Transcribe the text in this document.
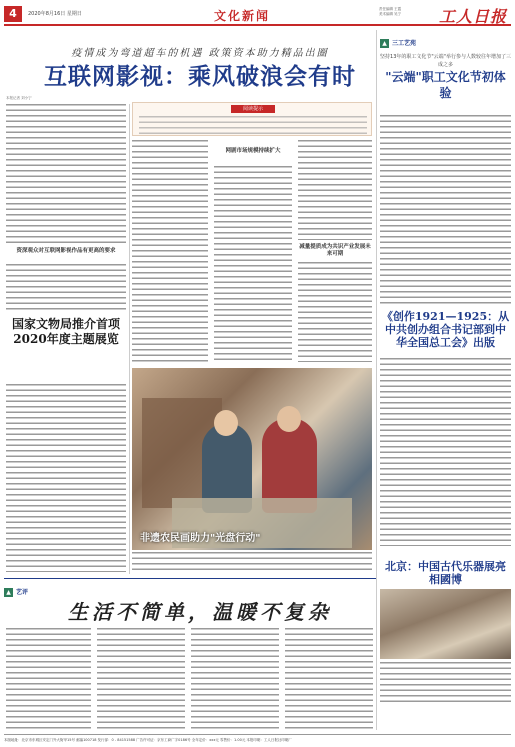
4	2020年8月16日 星期日	文化新闻	责任编辑 王霞
美术编辑 吴宁 工人日报
疫情成为弯道超车的机遇 政策资本助力精品出圈
互联网影视：乘风破浪会有时
本报记者 刘小宁
阅读提示
资深观众对互联网影视作品有更高的要求
网剧市场规模持续扩大
减量提质成为共识产业发展未来可期
国家文物局推介首项2020年度主题展览
非遗农民画助力"光盘行动"
▲ 三工艺苑
坚持13年的职工文化节"云端"举行参与人数较往年增加了三成之多
"云端"职工文化节初体验
《创作1921—1925：从中共创办组合书记部到中华全国总工会》出版
北京：中国古代乐器展亮相國博
▲ 艺评
生活不简单，温暖不复杂
本版地址：北京市东城区安定门外大街甲15号 邮编100718 发行部：0 - 84151588 广告许可证：京东工商广字0186号 全年定价：xxx元 零售价：1.00元 本报印刷：工人日报社印刷厂
